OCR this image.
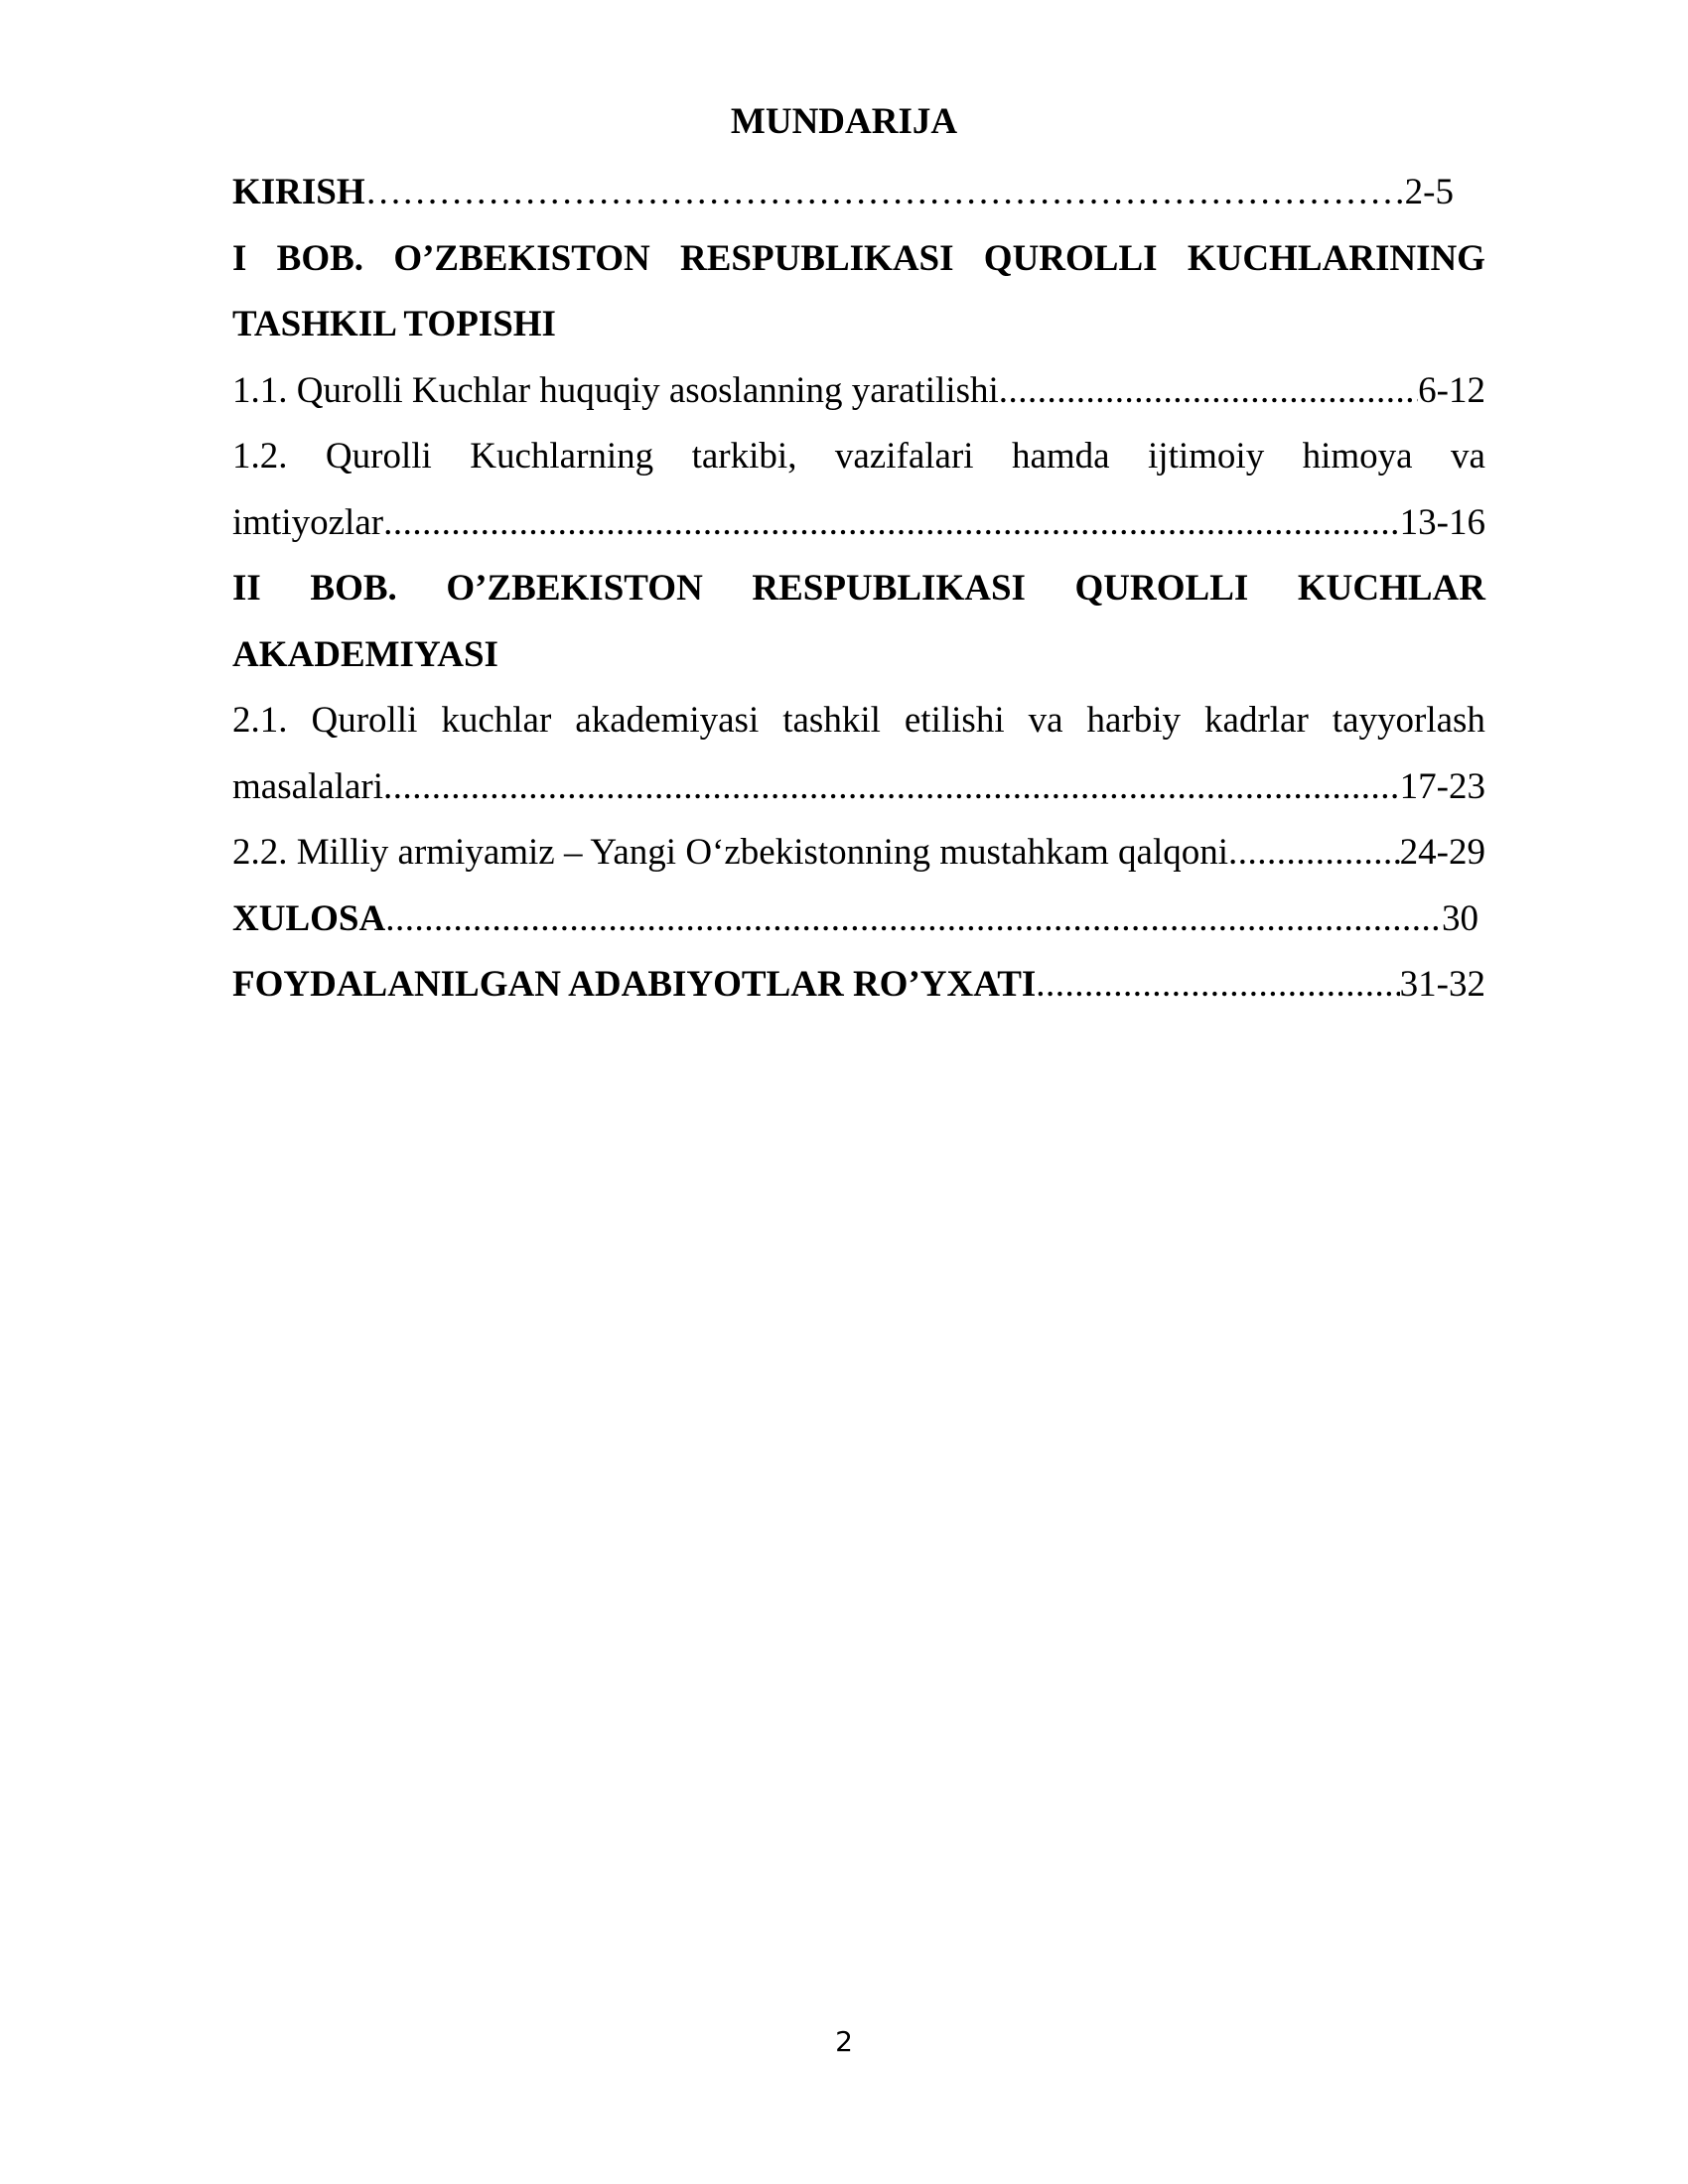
MUNDARIJA
KIRISH ……………………………………………………………………………………………………………………………………………	2-5
I BOB. O’ZBEKISTON RESPUBLIKASI QUROLLI KUCHLARINING
TASHKIL TOPISHI
1.1. Qurolli Kuchlar huquqiy asoslanning yaratilishi .....	6-12
1.2. Qurolli Kuchlarning tarkibi, vazifalari hamda ijtimoiy himoya va
imtiyozlar .....	13-16
II BOB. O’ZBEKISTON RESPUBLIKASI QUROLLI KUCHLAR
AKADEMIYASI
2.1. Qurolli kuchlar akademiyasi tashkil etilishi va harbiy kadrlar tayyorlash
masalalari .....	17-23
2.2. Milliy armiyamiz – Yangi O‘zbekistonning mustahkam qalqoni .....	24-29
XULOSA .....	30
FOYDALANILGAN ADABIYOTLAR RO’YXATI .....	31-32
2
